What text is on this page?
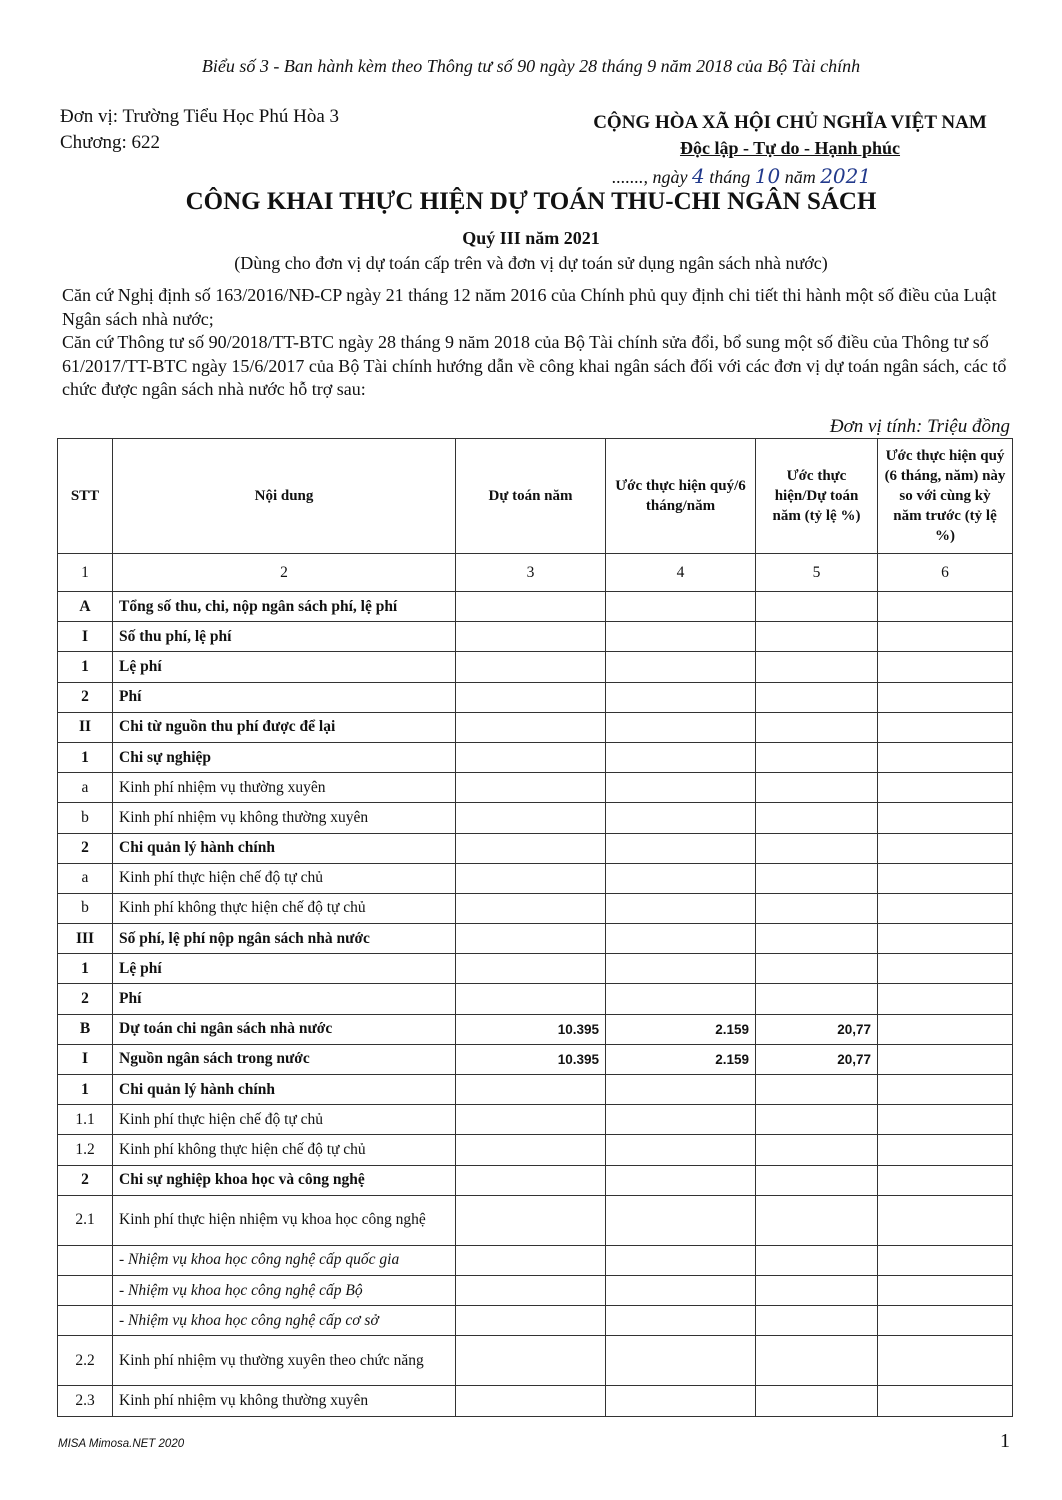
Biểu số 3 - Ban hành kèm theo Thông tư số 90 ngày 28 tháng 9 năm 2018 của Bộ Tài chính
Đơn vị: Trường Tiểu Học Phú Hòa 3
Chương: 622
CỘNG HÒA XÃ HỘI CHỦ NGHĨA VIỆT NAM
Độc lập - Tự do - Hạnh phúc
......., ngày 4 tháng 10 năm 2021
CÔNG KHAI THỰC HIỆN DỰ TOÁN THU-CHI NGÂN SÁCH
Quý III năm 2021
(Dùng cho đơn vị dự toán cấp trên và đơn vị dự toán sử dụng ngân sách nhà nước)

Căn cứ Nghị định số 163/2016/NĐ-CP ngày 21 tháng 12 năm 2016 của Chính phủ quy định chi tiết thi hành một số điều của Luật Ngân sách nhà nước;

Căn cứ Thông tư số 90/2018/TT-BTC ngày 28 tháng 9 năm 2018 của Bộ Tài chính sửa đổi, bổ sung một số điều của Thông tư số 61/2017/TT-BTC ngày 15/6/2017 của Bộ Tài chính hướng dẫn về công khai ngân sách đối với các đơn vị dự toán ngân sách, các tổ chức được ngân sách nhà nước hỗ trợ sau:

Đơn vị tính: Triệu đồng
STT	Nội dung	Dự toán năm	Ước thực hiện quý/6 tháng/năm	Ước thực hiện/Dự toán năm (tỷ lệ %)	Ước thực hiện quý (6 tháng, năm) này so với cùng kỳ năm trước (tỷ lệ %)
1	2	3	4	5	6
A	Tổng số thu, chi, nộp ngân sách phí, lệ phí				
I	Số thu phí, lệ phí				
1	Lệ phí				
2	Phí				
II	Chi từ nguồn thu phí được để lại				
1	Chi sự nghiệp				
a	Kinh phí nhiệm vụ thường xuyên				
b	Kinh phí nhiệm vụ không thường xuyên				
2	Chi quản lý hành chính				
a	Kinh phí thực hiện chế độ tự chủ				
b	Kinh phí không thực hiện chế độ tự chủ				
III	Số phí, lệ phí nộp ngân sách nhà nước				
1	Lệ phí				
2	Phí				
B	Dự toán chi ngân sách nhà nước	10.395	2.159	20,77	
I	Nguồn ngân sách trong nước	10.395	2.159	20,77	
1	Chi quản lý hành chính				
1.1	Kinh phí thực hiện chế độ tự chủ				
1.2	Kinh phí không thực hiện chế độ tự chủ				
2	Chi sự nghiệp khoa học và công nghệ				
2.1	Kinh phí thực hiện nhiệm vụ khoa học công nghệ				
	- Nhiệm vụ khoa học công nghệ cấp quốc gia				
	- Nhiệm vụ khoa học công nghệ cấp Bộ				
	- Nhiệm vụ khoa học công nghệ cấp cơ sở				
2.2	Kinh phí nhiệm vụ thường xuyên theo chức năng				
2.3	Kinh phí nhiệm vụ không thường xuyên				
MISA Mimosa.NET 2020	1
